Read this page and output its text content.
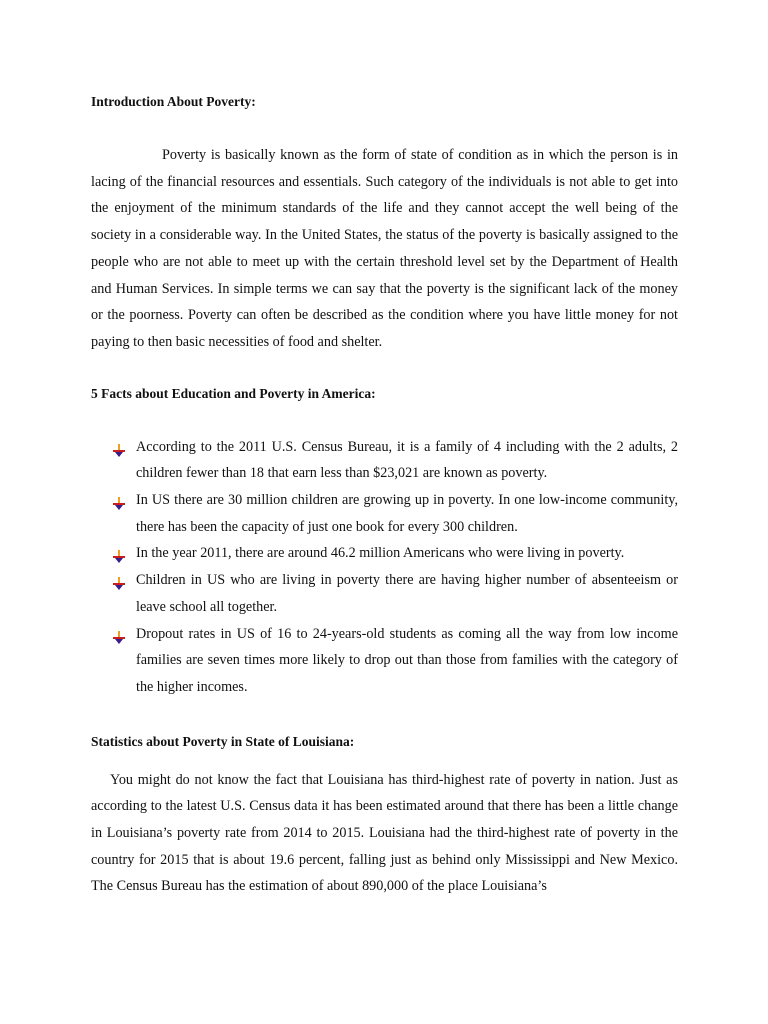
Introduction About Poverty:

Poverty is basically known as the form of state of condition as in which the person is in lacing of the financial resources and essentials. Such category of the individuals is not able to get into the enjoyment of the minimum standards of the life and they cannot accept the well being of the society in a considerable way. In the United States, the status of the poverty is basically assigned to the people who are not able to meet up with the certain threshold level set by the Department of Health and Human Services. In simple terms we can say that the poverty is the significant lack of the money or the poorness. Poverty can often be described as the condition where you have little money for not paying to then basic necessities of food and shelter.

5 Facts about Education and Poverty in America:

According to the 2011 U.S. Census Bureau, it is a family of 4 including with the 2 adults, 2 children fewer than 18 that earn less than $23,021 are known as poverty.
In US there are 30 million children are growing up in poverty. In one low-income community, there has been the capacity of just one book for every 300 children.
In the year 2011, there are around 46.2 million Americans who were living in poverty.
Children in US who are living in poverty there are having higher number of absenteeism or leave school all together.
Dropout rates in US of 16 to 24-years-old students as coming all the way from low income families are seven times more likely to drop out than those from families with the category of the higher incomes.

Statistics about Poverty in State of Louisiana:

You might do not know the fact that Louisiana has third-highest rate of poverty in nation. Just as according to the latest U.S. Census data it has been estimated around that there has been a little change in Louisiana’s poverty rate from 2014 to 2015. Louisiana had the third-highest rate of poverty in the country for 2015 that is about 19.6 percent, falling just as behind only Mississippi and New Mexico. The Census Bureau has the estimation of about 890,000 of the place Louisiana’s
